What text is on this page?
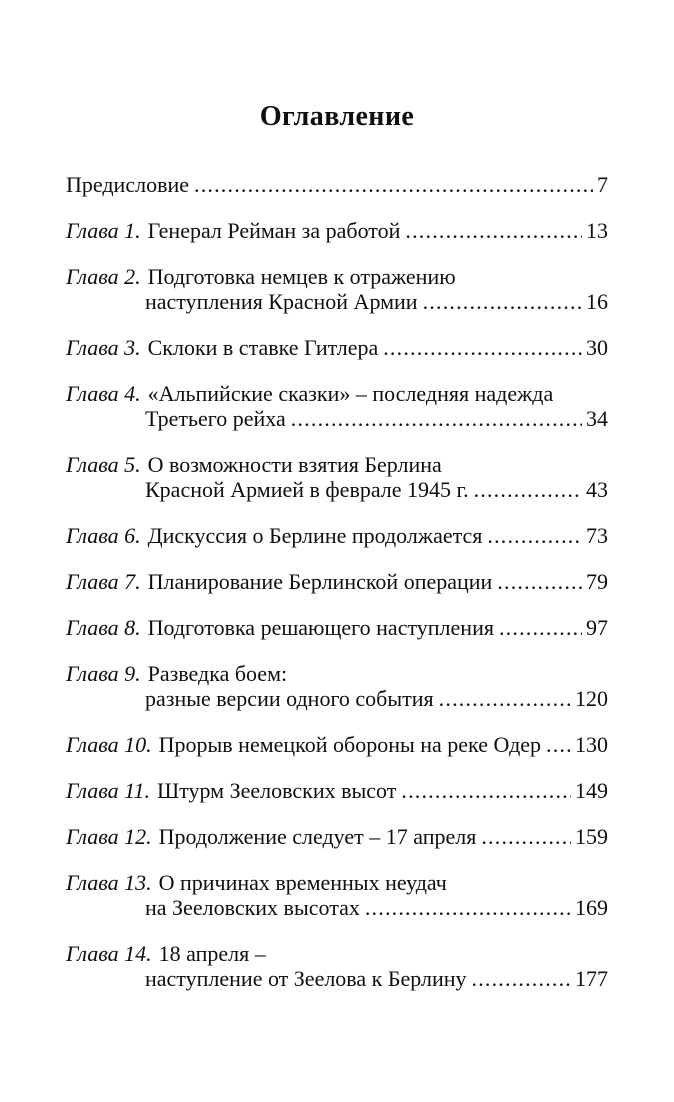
Оглавление
Предисловие .....	7
Глава 1. Генерал Рейман за работой .....	13
Глава 2. Подготовка немцев к отражению
наступления Красной Армии .....	16
Глава 3. Склоки в ставке Гитлера .....	30
Глава 4. «Альпийские сказки» – последняя надежда
Третьего рейха .....	34
Глава 5. О возможности взятия Берлина
Красной Армией в феврале 1945 г. .....	43
Глава 6. Дискуссия о Берлине продолжается .....	73
Глава 7. Планирование Берлинской операции .....	79
Глава 8. Подготовка решающего наступления .....	97
Глава 9. Разведка боем:
разные версии одного события .....	120
Глава 10. Прорыв немецкой обороны на реке Одер ..... 130
Глава 11. Штурм Зееловских высот .....	149
Глава 12. Продолжение следует – 17 апреля .....	159
Глава 13. О причинах временных неудач
на Зееловских высотах .....	169
Глава 14. 18 апреля –
наступление от Зеелова к Берлину .....	177
